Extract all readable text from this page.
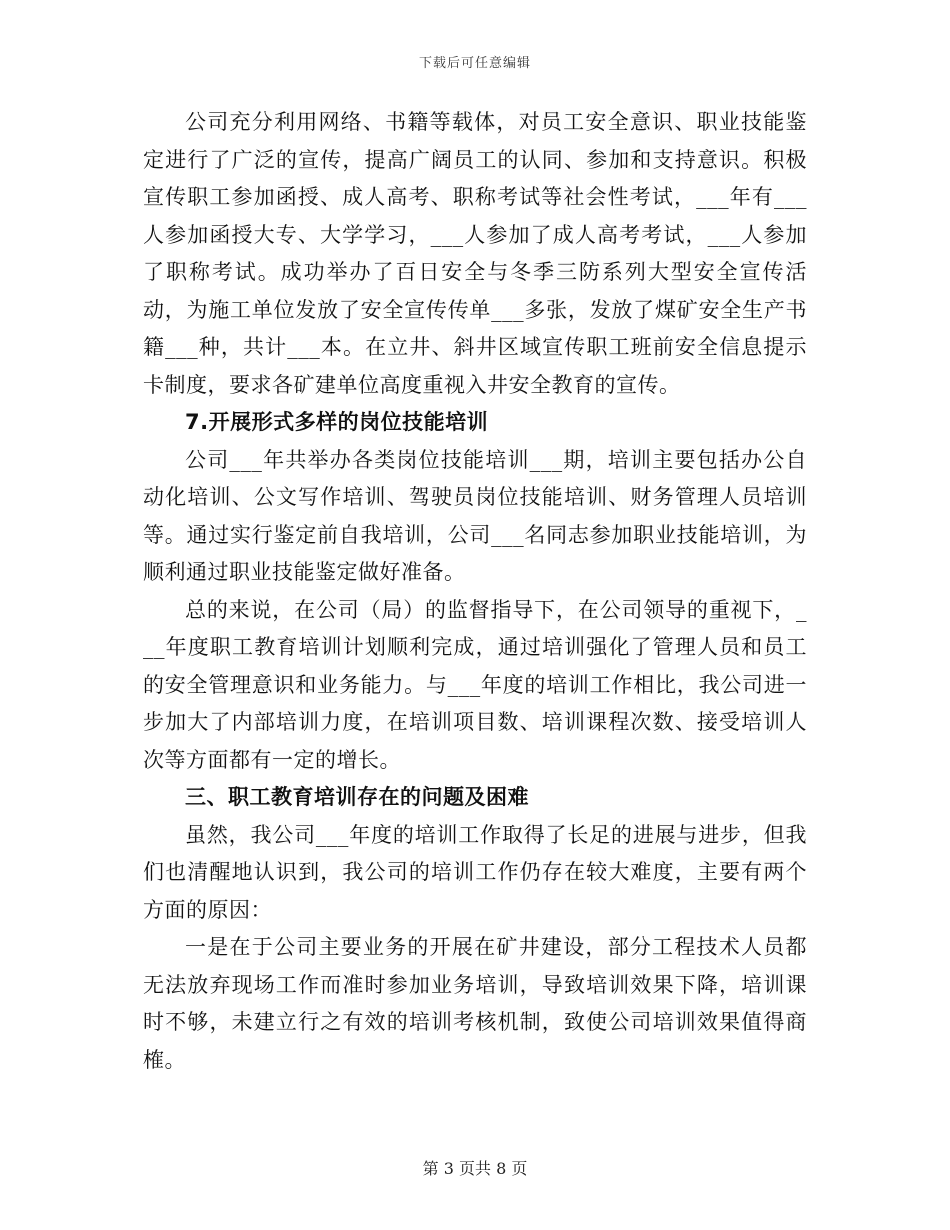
下载后可任意编辑

公司充分利用网络、书籍等载体，对员工安全意识、职业技能鉴定进行了广泛的宣传，提高广阔员工的认同、参加和支持意识。积极宣传职工参加函授、成人高考、职称考试等社会性考试，___年有___人参加函授大专、大学学习，___人参加了成人高考考试，___人参加了职称考试。成功举办了百日安全与冬季三防系列大型安全宣传活动，为施工单位发放了安全宣传传单___多张，发放了煤矿安全生产书籍___种，共计___本。在立井、斜井区域宣传职工班前安全信息提示卡制度，要求各矿建单位高度重视入井安全教育的宣传。

7.开展形式多样的岗位技能培训

公司___年共举办各类岗位技能培训___期，培训主要包括办公自动化培训、公文写作培训、驾驶员岗位技能培训、财务管理人员培训等。通过实行鉴定前自我培训，公司___名同志参加职业技能培训，为顺利通过职业技能鉴定做好准备。

总的来说，在公司（局）的监督指导下，在公司领导的重视下，___年度职工教育培训计划顺利完成，通过培训强化了管理人员和员工的安全管理意识和业务能力。与___年度的培训工作相比，我公司进一步加大了内部培训力度，在培训项目数、培训课程次数、接受培训人次等方面都有一定的增长。

三、职工教育培训存在的问题及困难

虽然，我公司___年度的培训工作取得了长足的进展与进步，但我们也清醒地认识到，我公司的培训工作仍存在较大难度，主要有两个方面的原因：

一是在于公司主要业务的开展在矿井建设，部分工程技术人员都无法放弃现场工作而准时参加业务培训，导致培训效果下降，培训课时不够，未建立行之有效的培训考核机制，致使公司培训效果值得商榷。

第 3 页共 8 页
